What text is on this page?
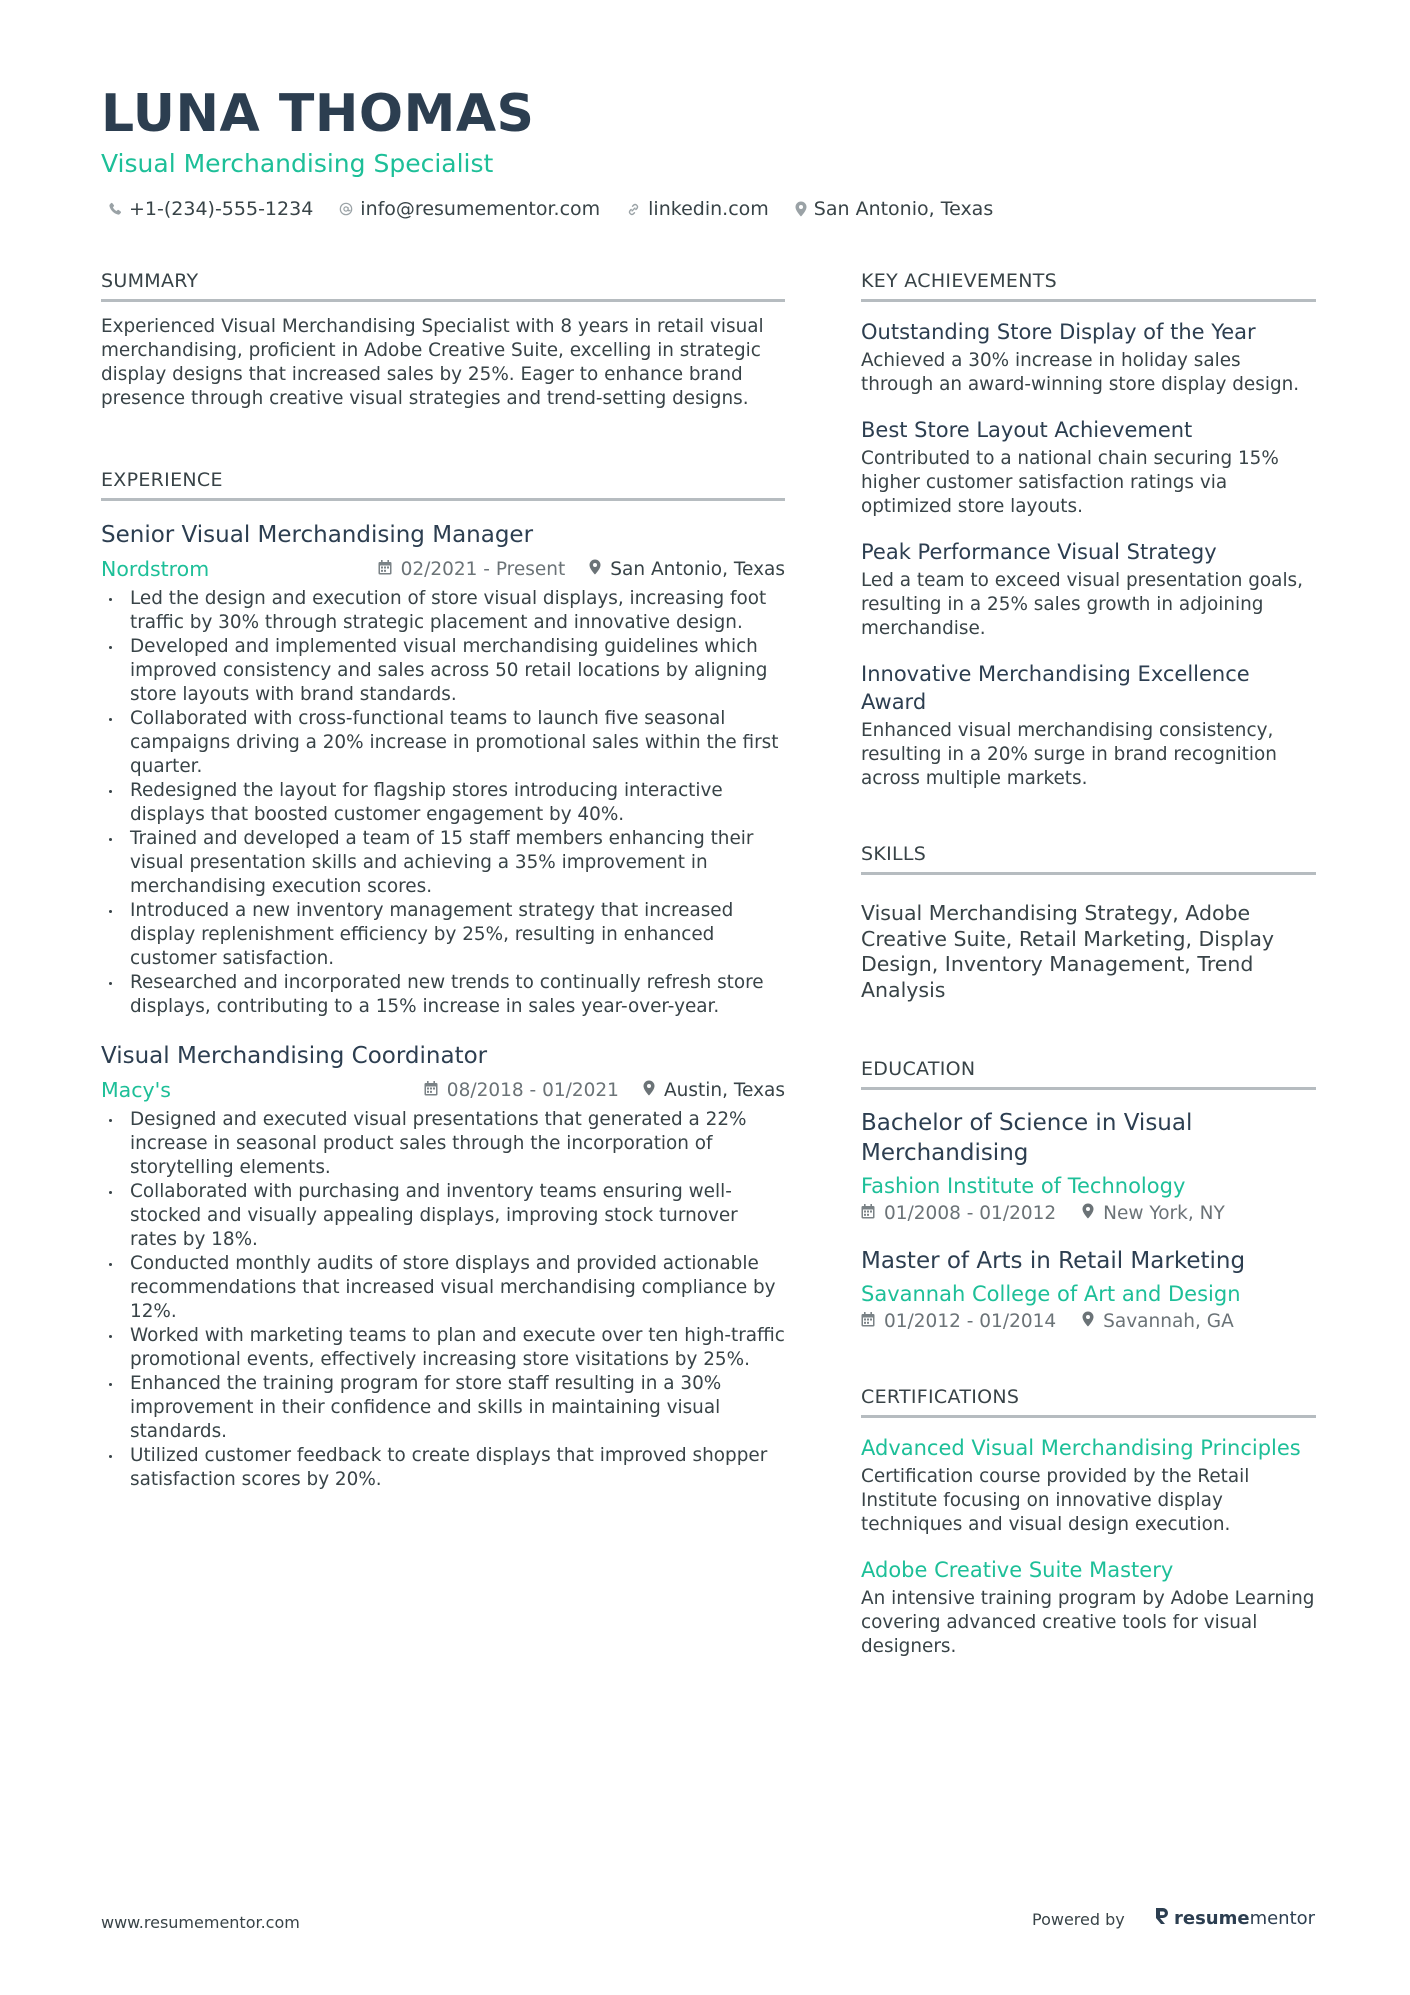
LUNA THOMAS
Visual Merchandising Specialist
+1-(234)-555-1234 info@resumementor.com	linkedin.com San Antonio, Texas
SUMMARY
Experienced Visual Merchandising Specialist with 8 years in retail visual merchandising, proficient in Adobe Creative Suite, excelling in strategic display designs that increased sales by 25%. Eager to enhance brand presence through creative visual strategies and trend-setting designs.
EXPERIENCE
Senior Visual Merchandising Manager
Nordstrom	02/2021 - Present San Antonio, Texas
Led the design and execution of store visual displays, increasing foot traffic by 30% through strategic placement and innovative design.
Developed and implemented visual merchandising guidelines which improved consistency and sales across 50 retail locations by aligning store layouts with brand standards.
Collaborated with cross-functional teams to launch five seasonal campaigns driving a 20% increase in promotional sales within the first quarter.
Redesigned the layout for flagship stores introducing interactive displays that boosted customer engagement by 40%.
Trained and developed a team of 15 staff members enhancing their visual presentation skills and achieving a 35% improvement in merchandising execution scores.
Introduced a new inventory management strategy that increased display replenishment efficiency by 25%, resulting in enhanced customer satisfaction.
Researched and incorporated new trends to continually refresh store displays, contributing to a 15% increase in sales year-over-year.
Visual Merchandising Coordinator
Macy's	08/2018 - 01/2021 Austin, Texas
Designed and executed visual presentations that generated a 22% increase in seasonal product sales through the incorporation of storytelling elements.
Collaborated with purchasing and inventory teams ensuring well-stocked and visually appealing displays, improving stock turnover rates by 18%.
Conducted monthly audits of store displays and provided actionable recommendations that increased visual merchandising compliance by 12%.
Worked with marketing teams to plan and execute over ten high-traffic promotional events, effectively increasing store visitations by 25%.
Enhanced the training program for store staff resulting in a 30% improvement in their confidence and skills in maintaining visual standards.
Utilized customer feedback to create displays that improved shopper satisfaction scores by 20%.
KEY ACHIEVEMENTS
Outstanding Store Display of the Year
Achieved a 30% increase in holiday sales through an award-winning store display design.
Best Store Layout Achievement
Contributed to a national chain securing 15% higher customer satisfaction ratings via optimized store layouts.
Peak Performance Visual Strategy
Led a team to exceed visual presentation goals, resulting in a 25% sales growth in adjoining merchandise.
Innovative Merchandising Excellence Award
Enhanced visual merchandising consistency, resulting in a 20% surge in brand recognition across multiple markets.
SKILLS
Visual Merchandising Strategy, Adobe Creative Suite, Retail Marketing, Display Design, Inventory Management, Trend Analysis
EDUCATION
Bachelor of Science in Visual Merchandising
Fashion Institute of Technology
01/2008 - 01/2012	New York, NY
Master of Arts in Retail Marketing
Savannah College of Art and Design
01/2012 - 01/2014	Savannah, GA
CERTIFICATIONS
Advanced Visual Merchandising Principles
Certification course provided by the Retail Institute focusing on innovative display techniques and visual design execution.
Adobe Creative Suite Mastery
An intensive training program by Adobe Learning covering advanced creative tools for visual designers.
www.resumementor.com	Powered by	resumementor
